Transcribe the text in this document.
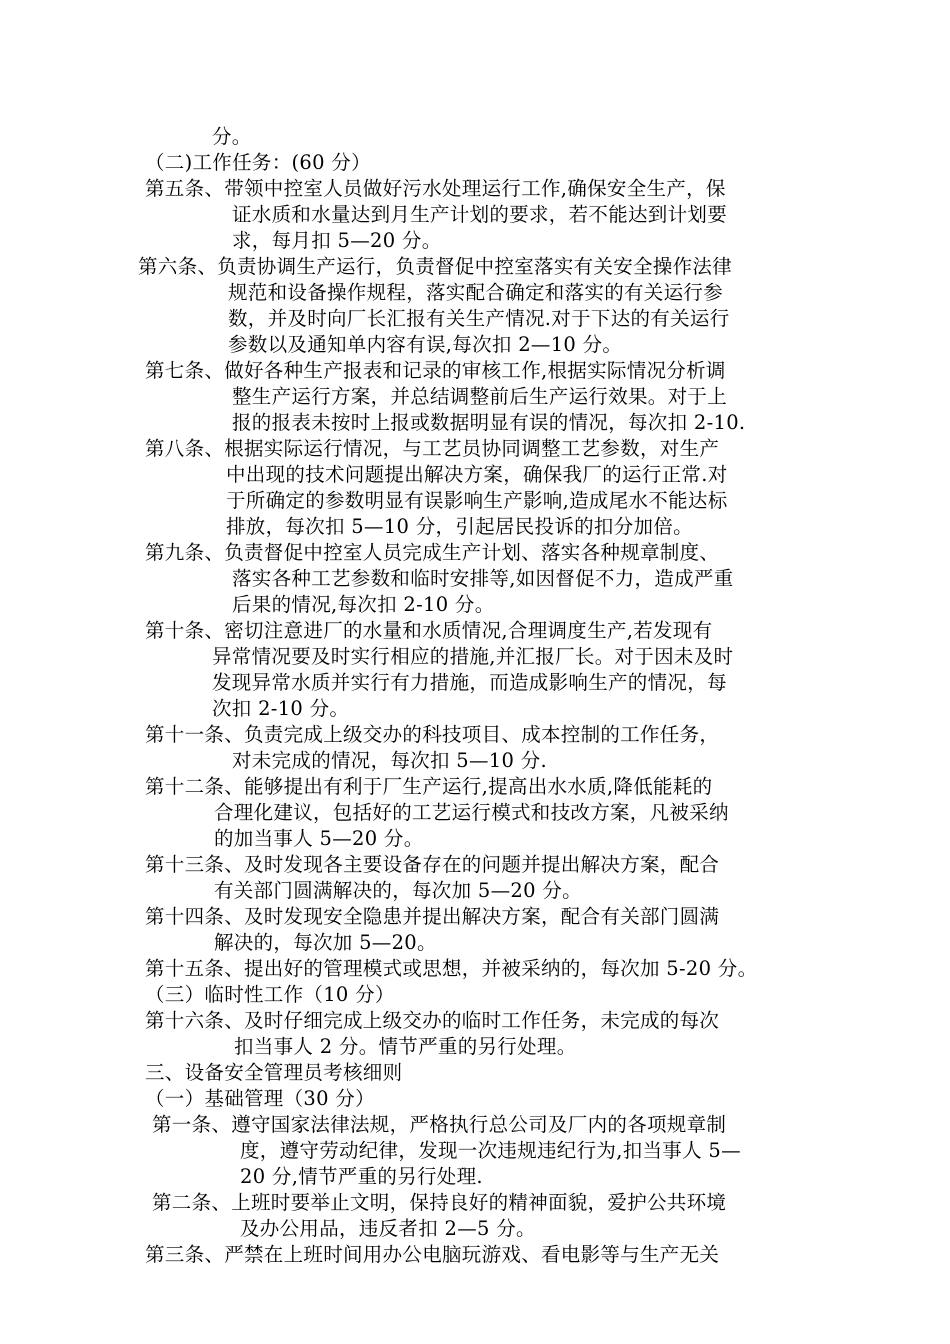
分。
（二)工作任务：(60 分）
第五条、带领中控室人员做好污水处理运行工作,确保安全生产，保
证水质和水量达到月生产计划的要求，若不能达到计划要
求，每月扣 5—20 分。
第六条、负责协调生产运行，负责督促中控室落实有关安全操作法律
规范和设备操作规程，落实配合确定和落实的有关运行参
数，并及时向厂长汇报有关生产情况.对于下达的有关运行
参数以及通知单内容有误,每次扣 2—10 分。
第七条、做好各种生产报表和记录的审核工作,根据实际情况分析调
整生产运行方案，并总结调整前后生产运行效果。对于上
报的报表未按时上报或数据明显有误的情况，每次扣 2-10.
第八条、根据实际运行情况，与工艺员协同调整工艺参数，对生产
中出现的技术问题提出解决方案，确保我厂的运行正常.对
于所确定的参数明显有误影响生产影响,造成尾水不能达标
排放，每次扣 5—10 分，引起居民投诉的扣分加倍。
第九条、负责督促中控室人员完成生产计划、落实各种规章制度、
落实各种工艺参数和临时安排等,如因督促不力，造成严重
后果的情况,每次扣 2-10 分。
第十条、密切注意进厂的水量和水质情况,合理调度生产,若发现有
异常情况要及时实行相应的措施,并汇报厂长。对于因未及时
发现异常水质并实行有力措施，而造成影响生产的情况，每
次扣 2-10 分。
第十一条、负责完成上级交办的科技项目、成本控制的工作任务，
对未完成的情况，每次扣 5—10 分.
第十二条、能够提出有利于厂生产运行,提高出水水质,降低能耗的
合理化建议，包括好的工艺运行模式和技改方案，凡被采纳
的加当事人 5—20 分。
第十三条、及时发现各主要设备存在的问题并提出解决方案，配合
有关部门圆满解决的，每次加 5—20 分。
第十四条、及时发现安全隐患并提出解决方案，配合有关部门圆满
解决的，每次加 5—20。
第十五条、提出好的管理模式或思想，并被采纳的，每次加 5-20 分。
（三）临时性工作（10 分）
第十六条、及时仔细完成上级交办的临时工作任务，未完成的每次
扣当事人 2 分。情节严重的另行处理。
三、设备安全管理员考核细则
（一）基础管理（30 分）
第一条、遵守国家法律法规，严格执行总公司及厂内的各项规章制
度，遵守劳动纪律，发现一次违规违纪行为,扣当事人 5—
20 分,情节严重的另行处理.
第二条、上班时要举止文明，保持良好的精神面貌，爱护公共环境
及办公用品，违反者扣 2—5 分。
第三条、严禁在上班时间用办公电脑玩游戏、看电影等与生产无关
